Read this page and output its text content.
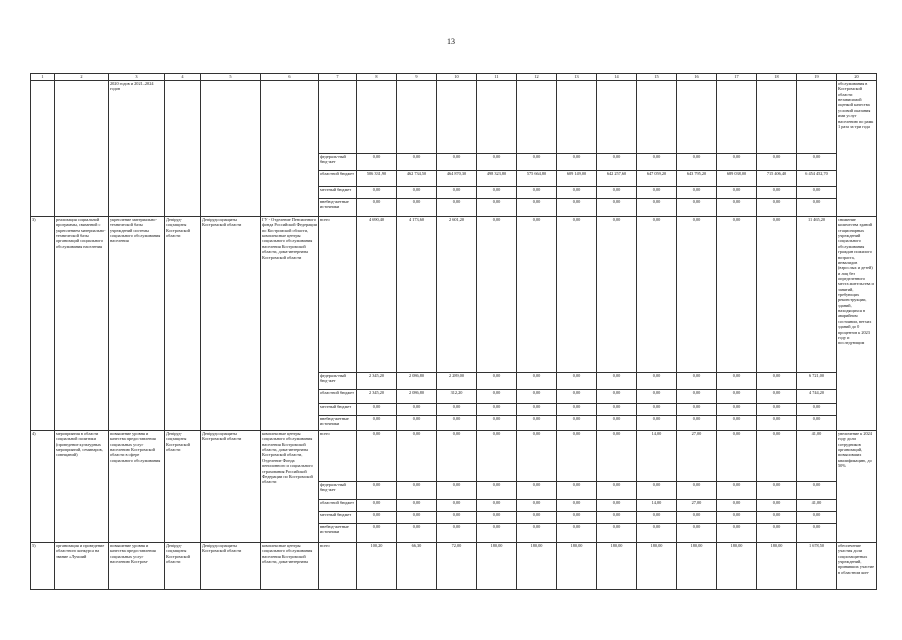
13
1	2	3	4	5	6	7	8	9	10	11	12	13	14	15	16	17	18	19	20
		2020 годов и 2021–2024 годов																	обслуживания в Костромской области независимой оценкой качества условий оказания ими услуг населению по рамк 1 раза за три года
						федераль-ный бюд-жет	0,00	0,00	0,00	0,00	0,00	0,00	0,00	0,00	0,00	0,00	0,00	0,00	
						областной бюджет	506 331,90	462 734,50	464 870,30	498 323,80	575 664,80	609 149,00	642 257,60	647 059,20	643 795,20	689 038,00	715 406,40	6 454 452,70	
						местный бюджет	0,00	0,00	0,00	0,00	0,00	0,00	0,00	0,00	0,00	0,00	0,00	0,00	
						внебюд-жетные источники	0,00	0,00	0,00	0,00	0,00	0,00	0,00	0,00	0,00	0,00	0,00	0,00	
3)	реализация социальной программы, связанной с укреплением материально-технической базы организаций социального обслуживания населения	укрепление материально-технической базы учреждений системы социального обслуживания населения	Депtруд-соцзащиты Костромской области	Депtрудсоцзащиты Костромской области	ГУ - Отделение Пенсионного фонда Российской Федерации по Костромской области, комплексные центры социального обслуживания населения Костромской области, дома-интернаты Костромской области	всего	4 690,40	4 173,60	2 601,20	0,00	0,00	0,00	0,00	0,00	0,00	0,00	0,00	11 465,20	снижение количества зданий стационарных учреждений социального обслуживания граждан пожилого возраста, инвалидов (взрослых и детей) и лиц без определенного места жительства и занятий, требующих реконструкции, зданий, находящихся в аварийном состоянии, ветхих зданий до 0 процентов к 2023 году и последующим
						федераль-ный бюд-жет	2 345,20	2 086,80	2 289,00	0,00	0,00	0,00	0,00	0,00	0,00	0,00	0,00	6 721,00	
						областной бюджет	2 345,20	2 086,80	312,20	0,00	0,00	0,00	0,00	0,00	0,00	0,00	0,00	4 744,20	
						местный бюджет	0,00	0,00	0,00	0,00	0,00	0,00	0,00	0,00	0,00	0,00	0,00	0,00	
						внебюд-жетные источники	0,00	0,00	0,00	0,00	0,00	0,00	0,00	0,00	0,00	0,00	0,00	0,00	
4)	мероприятия в области социальной политики (проведение культурных мероприятий, семинаров, совещаний)	повышение уровня и качества предоставления социальных услуг населению Костромской области в сфере социального обслуживания	Депtруд-соцзащиты Костромской области	Депtрудсоцзащиты Костромской области	комплексные центры социального обслуживания населения Костромской области, дома-интернаты Костромской области, Отделение Фонда пенсионного и социального страхования Российской Федерации по Костромской области	всего	0,00	0,00	0,00	0,00	0,00	0,00	0,00	14,00	27,00	0,00	0,00	41,00	увеличение к 2024 году доли сотрудников организаций, повысивших квалификацию, до 50%
						федераль-ный бюд-жет	0,00	0,00	0,00	0,00	0,00	0,00	0,00	0,00	0,00	0,00	0,00	0,00	
						областной бюджет	0,00	0,00	0,00	0,00	0,00	0,00	0,00	14,00	27,00	0,00	0,00	41,00	
						местный бюджет	0,00	0,00	0,00	0,00	0,00	0,00	0,00	0,00	0,00	0,00	0,00	0,00	
						внебюд-жетные источники	0,00	0,00	0,00	0,00	0,00	0,00	0,00	0,00	0,00	0,00	0,00	0,00	
5)	организация и проведение областного конкурса на звание «Лучший	повышение уровня и качества предоставления социальных услуг населению Костром-	Депtруд-соцзащиты Костромской области	Депtрудсоцзащиты Костромской области	комплексные центры социального обслуживания населения Костромской области, дома-интернаты	всего	100,20	66,30	72,00	180,00	180,00	180,00	180,00	180,00	180,00	180,00	180,00	1 678,50	обеспечение участия доли социозащитных учреждений, принявших участие в областном кон-
